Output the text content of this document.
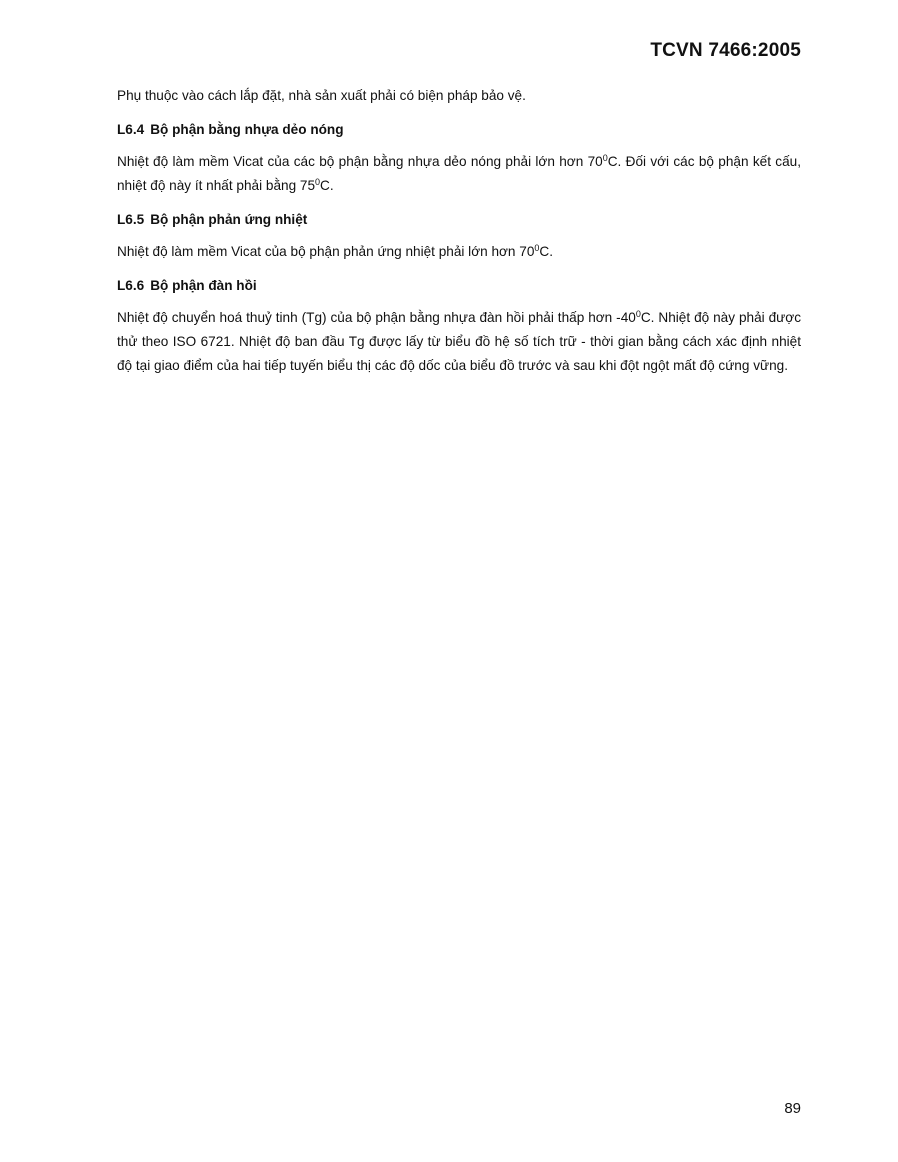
TCVN 7466:2005

Phụ thuộc vào cách lắp đặt, nhà sản xuất phải có biện pháp bảo vệ.

L6.4 Bộ phận bằng nhựa dẻo nóng

Nhiệt độ làm mềm Vicat của các bộ phận bằng nhựa dẻo nóng phải lớn hơn $70^0C$. Đối với các bộ phận kết cấu, nhiệt độ này ít nhất phải bằng $75^0C$.

L6.5 Bộ phận phản ứng nhiệt

Nhiệt độ làm mềm Vicat của bộ phận phản ứng nhiệt phải lớn hơn $70^0C$.

L6.6 Bộ phận đàn hồi

Nhiệt độ chuyển hoá thuỷ tinh (Tg) của bộ phận bằng nhựa đàn hồi phải thấp hơn $-40^0C$. Nhiệt độ này phải được thử theo ISO 6721. Nhiệt độ ban đầu Tg được lấy từ biểu đồ hệ số tích trữ - thời gian bằng cách xác định nhiệt độ tại giao điểm của hai tiếp tuyến biểu thị các độ dốc của biểu đồ trước và sau khi đột ngột mất độ cứng vững.

89
